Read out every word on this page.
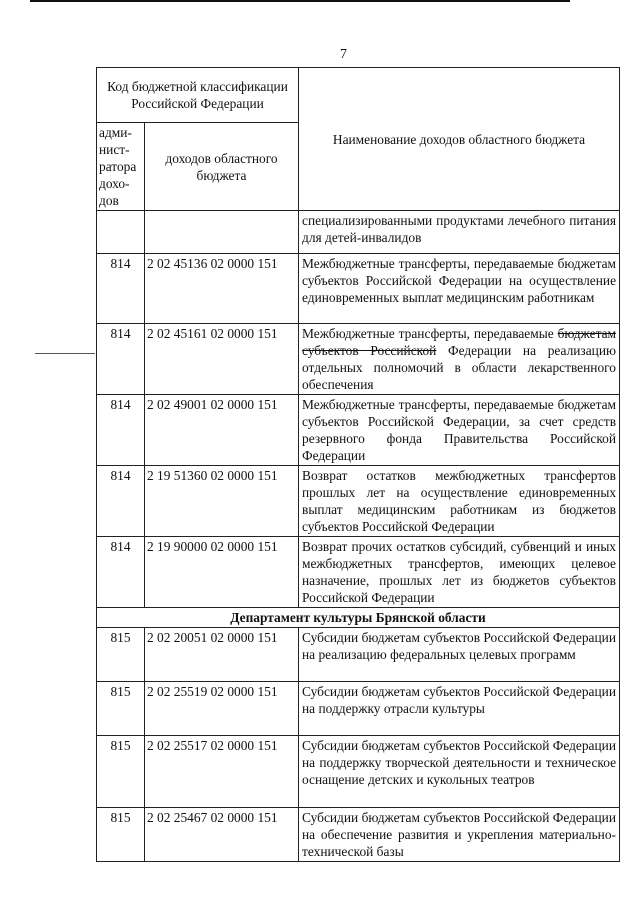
7
Код бюджетной классификации Российской Федерации		Наименование доходов областного бюджета
адми-нист-ратора дохо-дов	доходов областного бюджета	
		специализированными продуктами лечебного питания для детей-инвалидов
814	2 02 45136 02 0000 151	Межбюджетные трансферты, передаваемые бюджетам субъектов Российской Федерации на осуществление единовременных выплат медицинским работникам
814	2 02 45161 02 0000 151	Межбюджетные трансферты, передаваемые бюджетам субъектов Российской Федерации на реализацию отдельных полномочий в области лекарственного обеспечения
814	2 02 49001 02 0000 151	Межбюджетные трансферты, передаваемые бюджетам субъектов Российской Федерации, за счет средств резервного фонда Правительства Российской Федерации
814	2 19 51360 02 0000 151	Возврат остатков межбюджетных трансфертов прошлых лет на осуществление единовременных выплат медицинским работникам из бюджетов субъектов Российской Федерации
814	2 19 90000 02 0000 151	Возврат прочих остатков субсидий, субвенций и иных межбюджетных трансфертов, имеющих целевое назначение, прошлых лет из бюджетов субъектов Российской Федерации
Департамент культуры Брянской области		
815	2 02 20051 02 0000 151	Субсидии бюджетам субъектов Российской Федерации на реализацию федеральных целевых программ
815	2 02 25519 02 0000 151	Субсидии бюджетам субъектов Российской Федерации на поддержку отрасли культуры
815	2 02 25517 02 0000 151	Субсидии бюджетам субъектов Российской Федерации на поддержку творческой деятельности и техническое оснащение детских и кукольных театров
815	2 02 25467 02 0000 151	Субсидии бюджетам субъектов Российской Федерации на обеспечение развития и укрепления материально-технической базы
